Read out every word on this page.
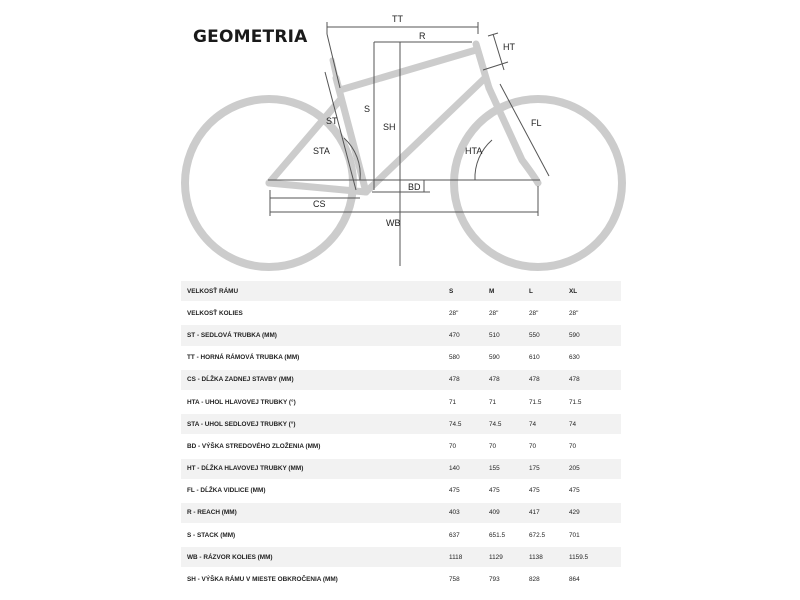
GEOMETRIA
TT
R
HT
S
SH
ST
STA
FL
HTA
BD
CS
WB
VELKOSŤ RÁMU	S	M	L	XL
VELKOSŤ KOLIES	28"	28"	28"	28"
ST - SEDLOVÁ TRUBKA (MM)	470	510	550	590
TT - HORNÁ RÁMOVÁ TRUBKA (MM)	580	590	610	630
CS - DĹŽKA ZADNEJ STAVBY (MM)	478	478	478	478
HTA - UHOL HLAVOVEJ TRUBKY (°)	71	71	71.5	71.5
STA - UHOL SEDLOVEJ TRUBKY (°)	74.5	74.5	74	74
BD - VÝŠKA STREDOVÉHO ZLOŽENIA (MM)	70	70	70	70
HT - DĹŽKA HLAVOVEJ TRUBKY (MM)	140	155	175	205
FL - DĹŽKA VIDLICE (MM)	475	475	475	475
R - REACH (MM)	403	409	417	429
S - STACK (MM)	637	651.5	672.5	701
WB - RÁZVOR KOLIES (MM)	1118	1129	1138	1159.5
SH - VÝŠKA RÁMU V MIESTE OBKROČENIA (MM)	758	793	828	864
